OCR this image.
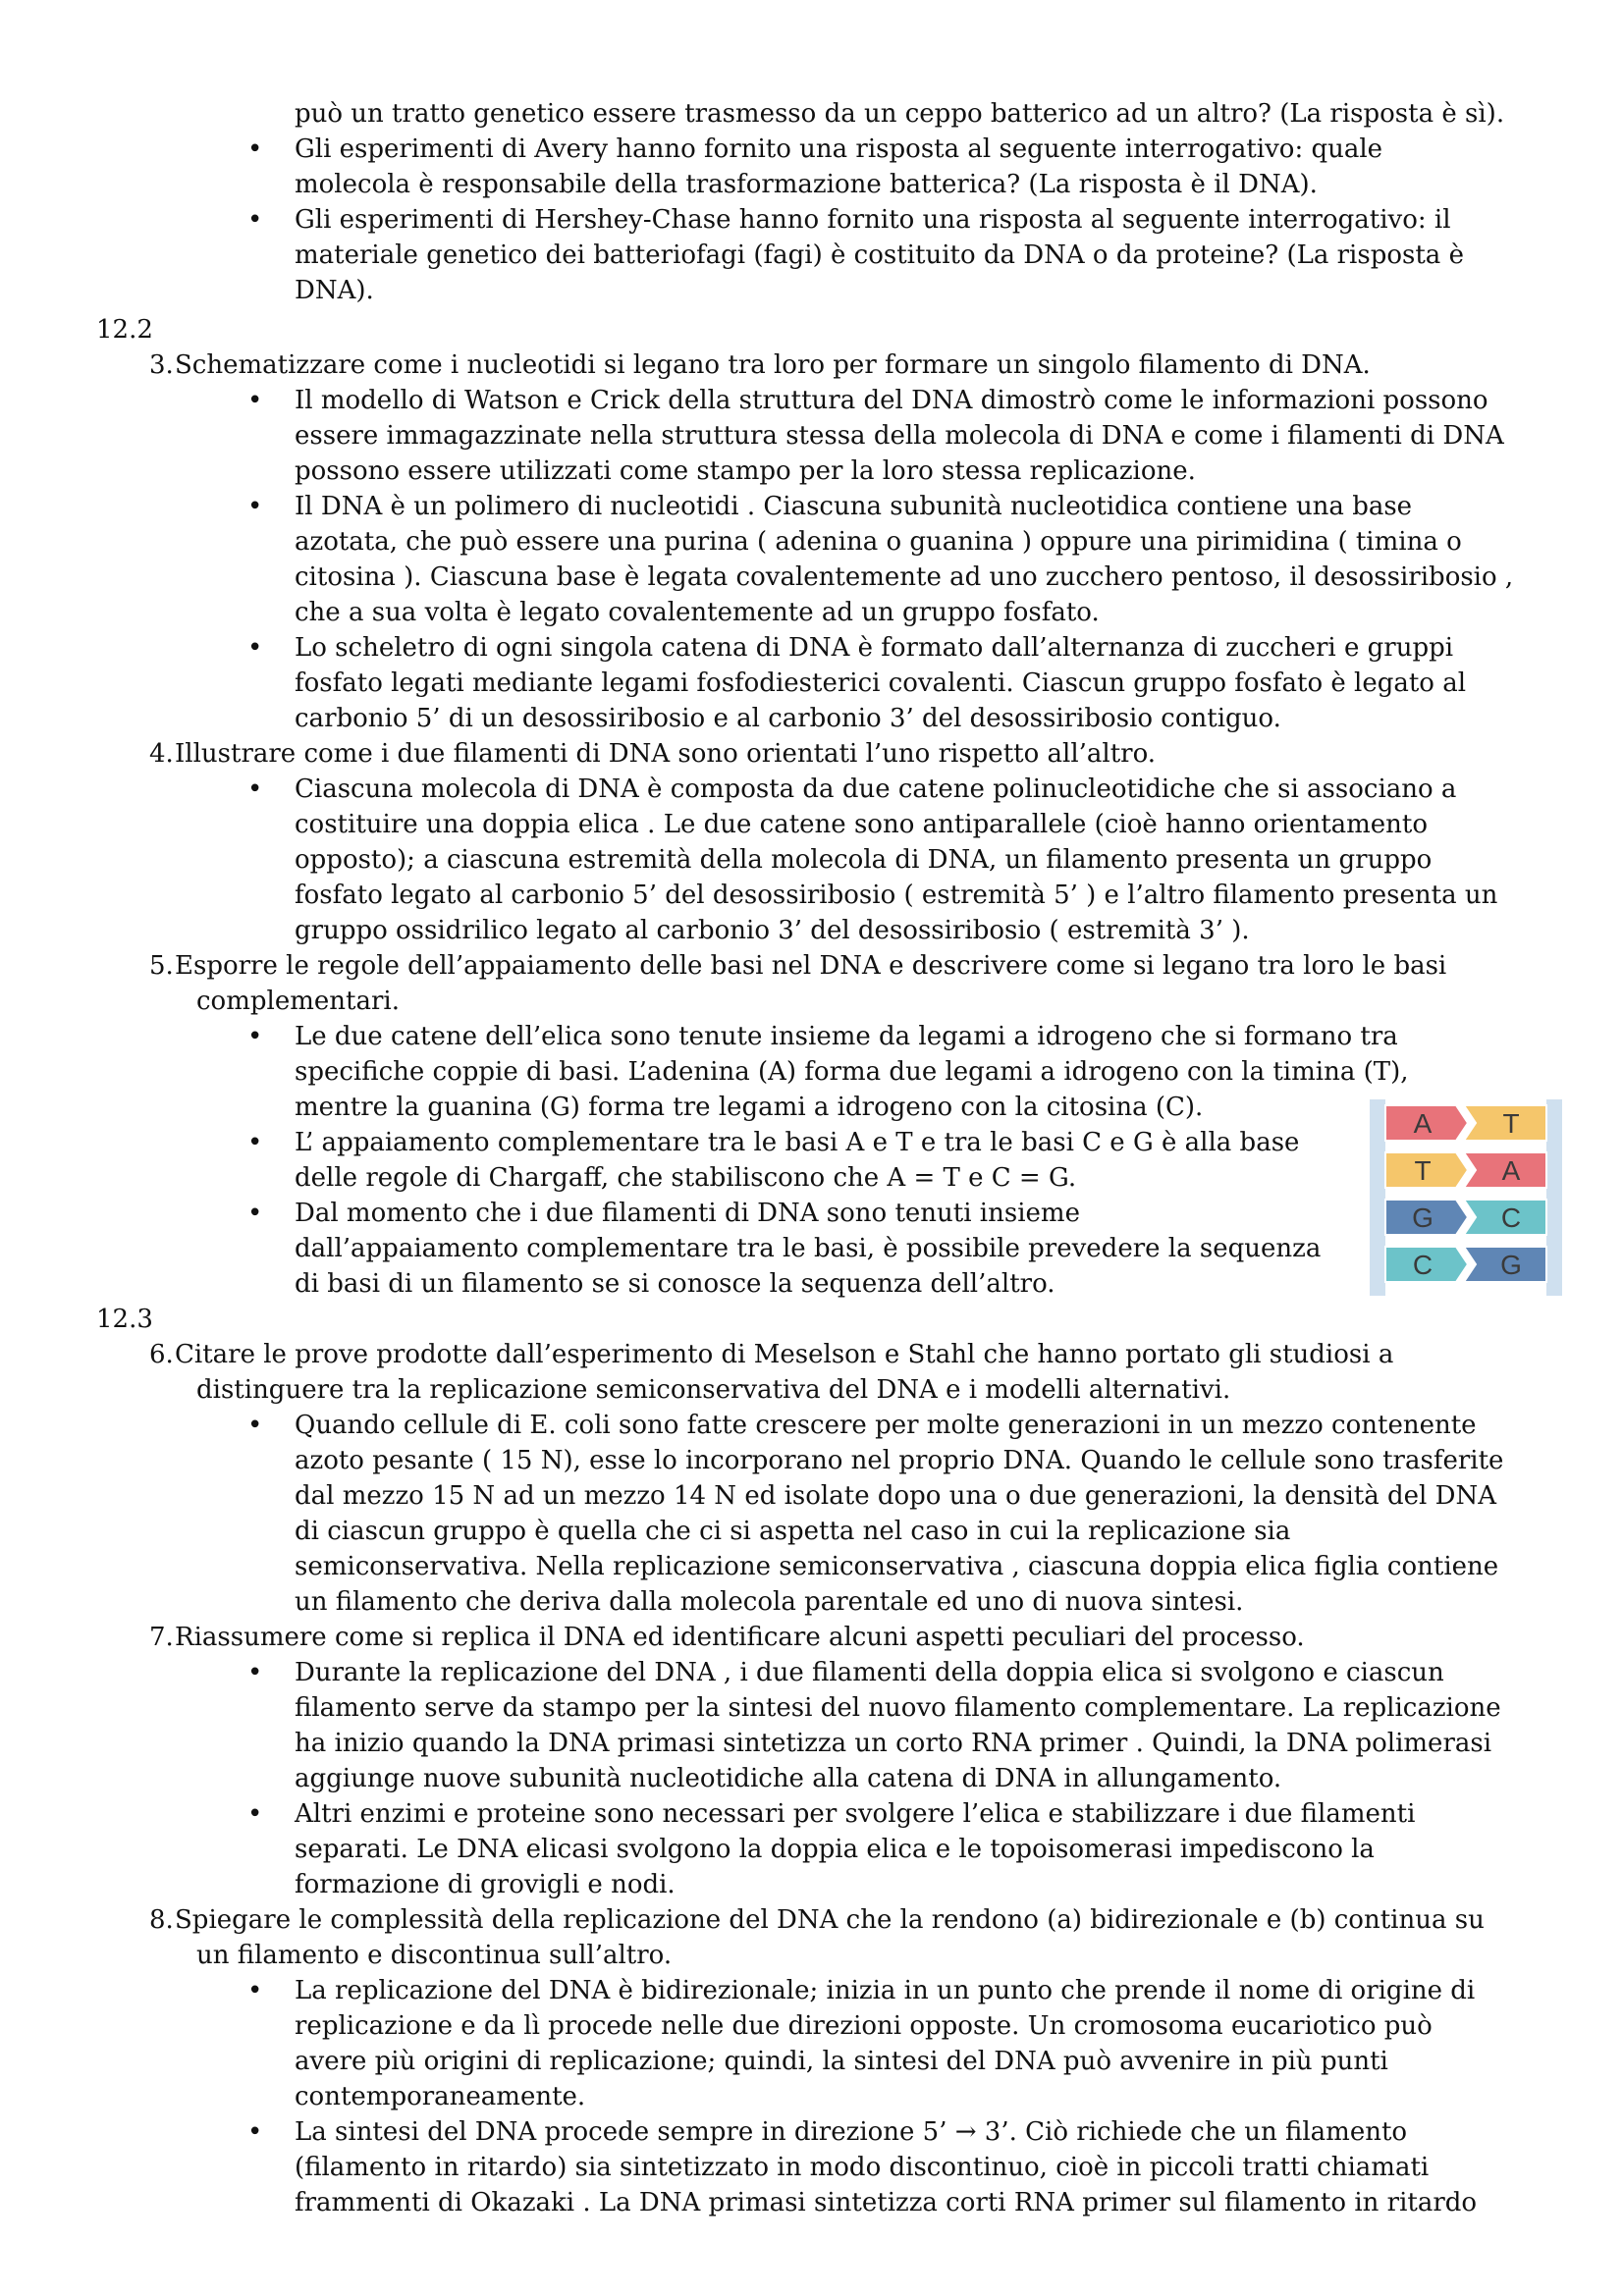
può un tratto genetico essere trasmesso da un ceppo batterico ad un altro? (La risposta è sì).
• Gli esperimenti di Avery hanno fornito una risposta al seguente interrogativo: quale
molecola è responsabile della trasformazione batterica? (La risposta è il DNA).
• Gli esperimenti di Hershey-Chase hanno fornito una risposta al seguente interrogativo: il
materiale genetico dei batteriofagi (fagi) è costituito da DNA o da proteine? (La risposta è
DNA).
12.2
3.Schematizzare come i nucleotidi si legano tra loro per formare un singolo filamento di DNA.
• Il modello di Watson e Crick della struttura del DNA dimostrò come le informazioni possono
essere immagazzinate nella struttura stessa della molecola di DNA e come i filamenti di DNA
possono essere utilizzati come stampo per la loro stessa replicazione.
• Il DNA è un polimero di nucleotidi . Ciascuna subunità nucleotidica contiene una base
azotata, che può essere una purina ( adenina o guanina ) oppure una pirimidina ( timina o
citosina ). Ciascuna base è legata covalentemente ad uno zucchero pentoso, il desossiribosio ,
che a sua volta è legato covalentemente ad un gruppo fosfato.
• Lo scheletro di ogni singola catena di DNA è formato dall’alternanza di zuccheri e gruppi
fosfato legati mediante legami fosfodiesterici covalenti. Ciascun gruppo fosfato è legato al
carbonio 5’ di un desossiribosio e al carbonio 3’ del desossiribosio contiguo.
4.Illustrare come i due filamenti di DNA sono orientati l’uno rispetto all’altro.
• Ciascuna molecola di DNA è composta da due catene polinucleotidiche che si associano a
costituire una doppia elica . Le due catene sono antiparallele (cioè hanno orientamento
opposto); a ciascuna estremità della molecola di DNA, un filamento presenta un gruppo
fosfato legato al carbonio 5’ del desossiribosio ( estremità 5’ ) e l’altro filamento presenta un
gruppo ossidrilico legato al carbonio 3’ del desossiribosio ( estremità 3’ ).
5.Esporre le regole dell’appaiamento delle basi nel DNA e descrivere come si legano tra loro le basi
complementari.
• Le due catene dell’elica sono tenute insieme da legami a idrogeno che si formano tra
specifiche coppie di basi. L’adenina (A) forma due legami a idrogeno con la timina (T),
mentre la guanina (G) forma tre legami a idrogeno con la citosina (C).
• L’ appaiamento complementare tra le basi A e T e tra le basi C e G è alla base
delle regole di Chargaff, che stabiliscono che A = T e C = G.
• Dal momento che i due filamenti di DNA sono tenuti insieme
dall’appaiamento complementare tra le basi, è possibile prevedere la sequenza
di basi di un filamento se si conosce la sequenza dell’altro.
A	T
T	A
G C
C G
12.3
6.Citare le prove prodotte dall’esperimento di Meselson e Stahl che hanno portato gli studiosi a
distinguere tra la replicazione semiconservativa del DNA e i modelli alternativi.
• Quando cellule di E. coli sono fatte crescere per molte generazioni in un mezzo contenente
azoto pesante ( 15 N), esse lo incorporano nel proprio DNA. Quando le cellule sono trasferite
dal mezzo 15 N ad un mezzo 14 N ed isolate dopo una o due generazioni, la densità del DNA
di ciascun gruppo è quella che ci si aspetta nel caso in cui la replicazione sia
semiconservativa. Nella replicazione semiconservativa , ciascuna doppia elica figlia contiene
un filamento che deriva dalla molecola parentale ed uno di nuova sintesi.
7.Riassumere come si replica il DNA ed identificare alcuni aspetti peculiari del processo.
• Durante la replicazione del DNA , i due filamenti della doppia elica si svolgono e ciascun
filamento serve da stampo per la sintesi del nuovo filamento complementare. La replicazione
ha inizio quando la DNA primasi sintetizza un corto RNA primer . Quindi, la DNA polimerasi
aggiunge nuove subunità nucleotidiche alla catena di DNA in allungamento.
• Altri enzimi e proteine sono necessari per svolgere l’elica e stabilizzare i due filamenti
separati. Le DNA elicasi svolgono la doppia elica e le topoisomerasi impediscono la
formazione di grovigli e nodi.
8.Spiegare le complessità della replicazione del DNA che la rendono (a) bidirezionale e (b) continua su
un filamento e discontinua sull’altro.
• La replicazione del DNA è bidirezionale; inizia in un punto che prende il nome di origine di
replicazione e da lì procede nelle due direzioni opposte. Un cromosoma eucariotico può
avere più origini di replicazione; quindi, la sintesi del DNA può avvenire in più punti
contemporaneamente.
• La sintesi del DNA procede sempre in direzione 5’ → 3’. Ciò richiede che un filamento
(filamento in ritardo) sia sintetizzato in modo discontinuo, cioè in piccoli tratti chiamati
frammenti di Okazaki . La DNA primasi sintetizza corti RNA primer sul filamento in ritardo
